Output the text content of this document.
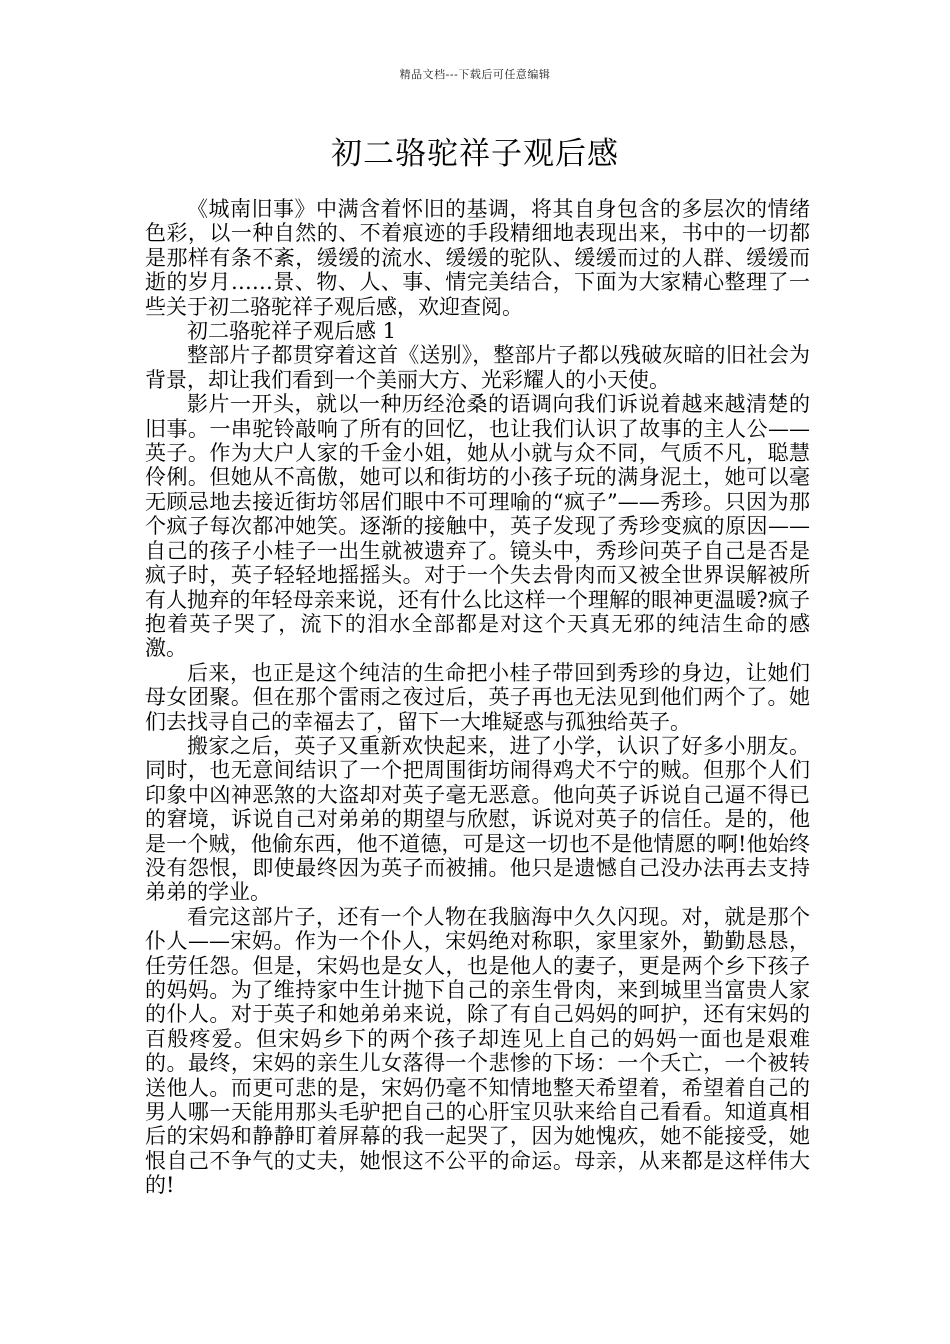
精品文档---下载后可任意编辑
初二骆驼祥子观后感

《城南旧事》中满含着怀旧的基调，将其自身包含的多层次的情绪色彩，以一种自然的、不着痕迹的手段精细地表现出来，书中的一切都是那样有条不紊，缓缓的流水、缓缓的驼队、缓缓而过的人群、缓缓而逝的岁月……景、物、人、事、情完美结合，下面为大家精心整理了一些关于初二骆驼祥子观后感，欢迎查阅。

初二骆驼祥子观后感 1

整部片子都贯穿着这首《送别》，整部片子都以残破灰暗的旧社会为背景，却让我们看到一个美丽大方、光彩耀人的小天使。

影片一开头，就以一种历经沧桑的语调向我们诉说着越来越清楚的旧事。一串驼铃敲响了所有的回忆，也让我们认识了故事的主人公——英子。作为大户人家的千金小姐，她从小就与众不同，气质不凡，聪慧伶俐。但她从不高傲，她可以和街坊的小孩子玩的满身泥土，她可以毫无顾忌地去接近街坊邻居们眼中不可理喻的“疯子”——秀珍。只因为那个疯子每次都冲她笑。逐渐的接触中，英子发现了秀珍变疯的原因——自己的孩子小桂子一出生就被遗弃了。镜头中，秀珍问英子自己是否是疯子时，英子轻轻地摇摇头。对于一个失去骨肉而又被全世界误解被所有人抛弃的年轻母亲来说，还有什么比这样一个理解的眼神更温暖?疯子抱着英子哭了，流下的泪水全部都是对这个天真无邪的纯洁生命的感激。

后来，也正是这个纯洁的生命把小桂子带回到秀珍的身边，让她们母女团聚。但在那个雷雨之夜过后，英子再也无法见到他们两个了。她们去找寻自己的幸福去了，留下一大堆疑惑与孤独给英子。

搬家之后，英子又重新欢快起来，进了小学，认识了好多小朋友。同时，也无意间结识了一个把周围街坊闹得鸡犬不宁的贼。但那个人们印象中凶神恶煞的大盗却对英子毫无恶意。他向英子诉说自己逼不得已的窘境，诉说自己对弟弟的期望与欣慰，诉说对英子的信任。是的，他是一个贼，他偷东西，他不道德，可是这一切也不是他情愿的啊!他始终没有怨恨，即使最终因为英子而被捕。他只是遗憾自己没办法再去支持弟弟的学业。

看完这部片子，还有一个人物在我脑海中久久闪现。对，就是那个仆人——宋妈。作为一个仆人，宋妈绝对称职，家里家外，勤勤恳恳，任劳任怨。但是，宋妈也是女人，也是他人的妻子，更是两个乡下孩子的妈妈。为了维持家中生计抛下自己的亲生骨肉，来到城里当富贵人家的仆人。对于英子和她弟弟来说，除了有自己妈妈的呵护，还有宋妈的百般疼爱。但宋妈乡下的两个孩子却连见上自己的妈妈一面也是艰难的。最终，宋妈的亲生儿女落得一个悲惨的下场：一个夭亡，一个被转送他人。而更可悲的是，宋妈仍毫不知情地整天希望着，希望着自己的男人哪一天能用那头毛驴把自己的心肝宝贝驮来给自己看看。知道真相后的宋妈和静静盯着屏幕的我一起哭了，因为她愧疚，她不能接受，她恨自己不争气的丈夫，她恨这不公平的命运。母亲，从来都是这样伟大的!
